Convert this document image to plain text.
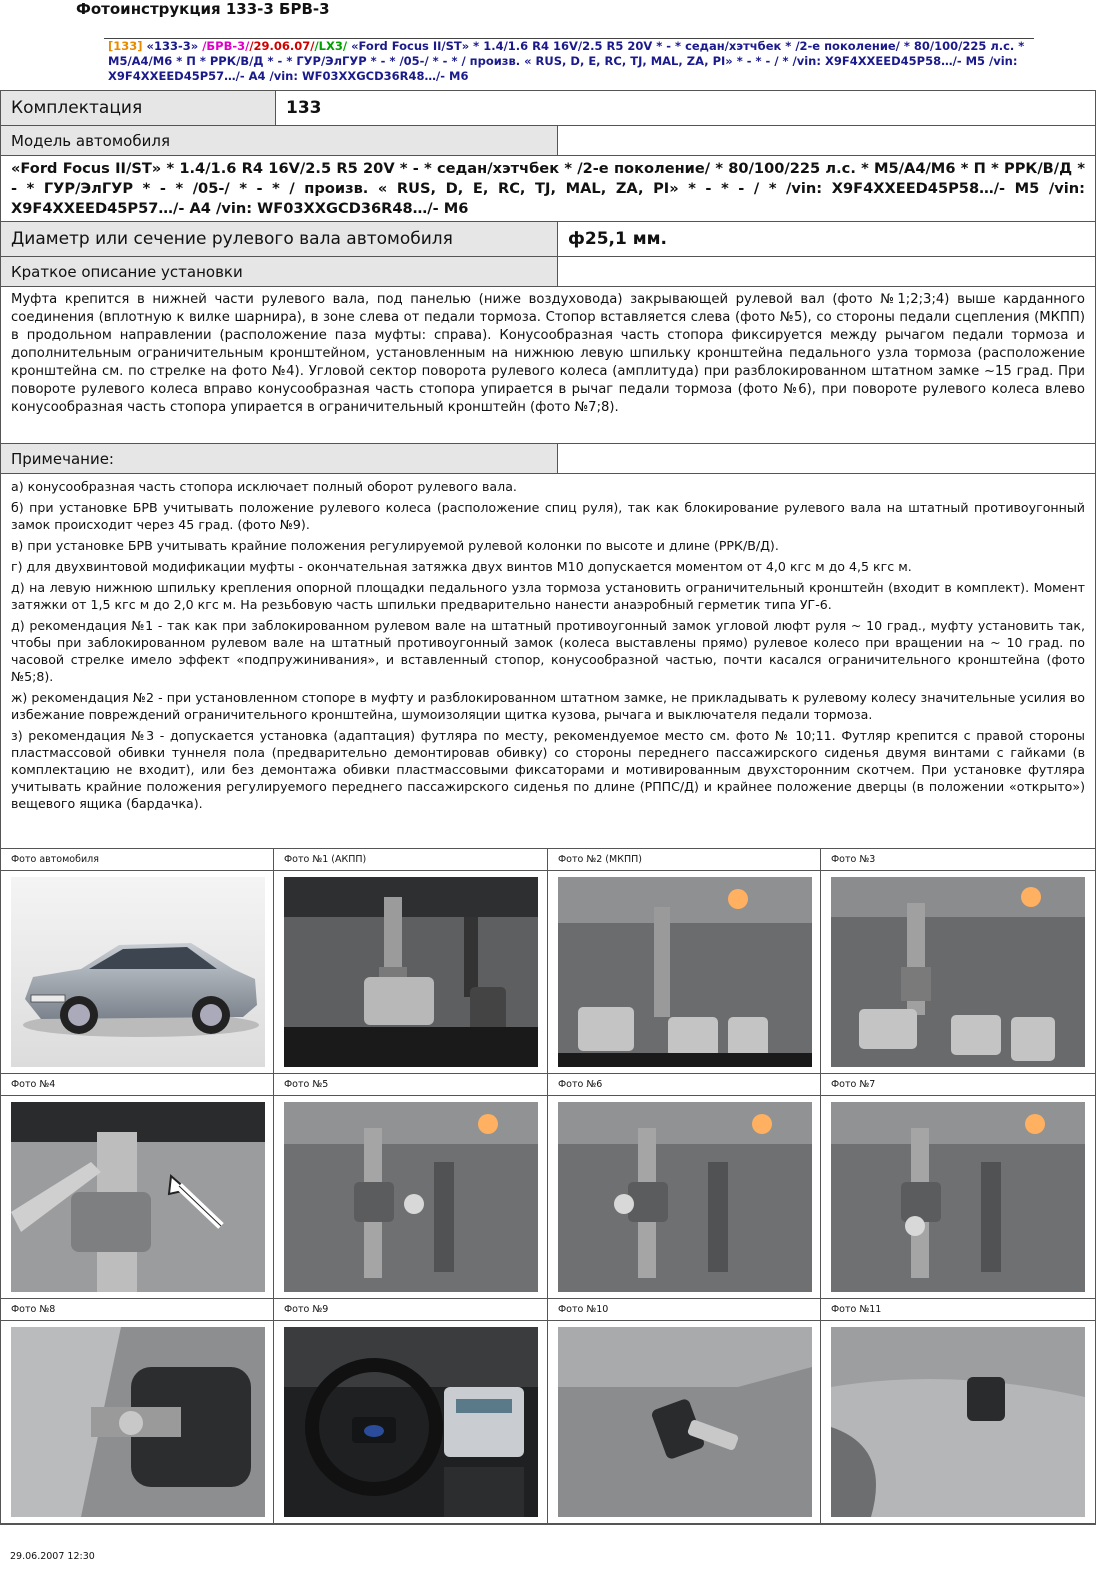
Фотоинструкция 133-3 БРВ-3
[133] «133-3» /БРВ-3//29.06.07//LX3/ «Ford Focus II/ST» * 1.4/1.6 R4 16V/2.5 R5 20V * - * седан/хэтчбек * /2-е поколение/ * 80/100/225 л.с. * М5/А4/М6 * П * РРК/В/Д * - * ГУР/ЭлГУР * - * /05-/ * - * / произв. « RUS, D, E, RC, TJ, MAL, ZA, PI» * - * - / * /vin: X9F4XXEED45P58…/- М5 /vin: X9F4XXEED45P57…/- А4 /vin: WF03XXGCD36R48…/- М6
Комплектация	133
Модель автомобиля
«Ford Focus II/ST» * 1.4/1.6 R4 16V/2.5 R5 20V * - * седан/хэтчбек * /2-е поколение/ * 80/100/225 л.с. * М5/А4/М6 * П * РРК/В/Д * - * ГУР/ЭлГУР * - * /05-/ * - * / произв. « RUS, D, E, RC, TJ, MAL, ZA, PI» * - * - / * /vin: X9F4XXEED45P58…/- М5 /vin: X9F4XXEED45P57…/- А4 /vin: WF03XXGCD36R48…/- М6
Диаметр или сечение рулевого вала автомобиля	ф25,1 мм.
Краткое описание установки
Муфта крепится в нижней части рулевого вала, под панелью (ниже воздуховода) закрывающей рулевой вал (фото №1;2;3;4) выше карданного соединения (вплотную к вилке шарнира), в зоне слева от педали тормоза. Стопор вставляется слева (фото №5), со стороны педали сцепления (МКПП) в продольном направлении (расположение паза муфты: справа). Конусообразная часть стопора фиксируется между рычагом педали тормоза и дополнительным ограничительным кронштейном, установленным на нижнюю левую шпильку кронштейна педального узла тормоза (расположение кронштейна см. по стрелке на фото №4). Угловой сектор поворота рулевого колеса (амплитуда) при разблокированном штатном замке ~15 град. При повороте рулевого колеса вправо конусообразная часть стопора упирается в рычаг педали тормоза (фото №6), при повороте рулевого колеса влево конусообразная часть стопора упирается в ограничительный кронштейн (фото №7;8).
Примечание:

а) конусообразная часть стопора исключает полный оборот рулевого вала.

б) при установке БРВ учитывать положение рулевого колеса (расположение спиц руля), так как блокирование рулевого вала на штатный противоугонный замок происходит через 45 град. (фото №9).

в) при установке БРВ учитывать крайние положения регулируемой рулевой колонки по высоте и длине (РРК/В/Д).

г) для двухвинтовой модификации муфты - окончательная затяжка двух винтов М10 допускается моментом от 4,0 кгс м до 4,5 кгс м.

д) на левую нижнюю шпильку крепления опорной площадки педального узла тормоза установить ограничительный кронштейн (входит в комплект). Момент затяжки от 1,5 кгс м до 2,0 кгс м. На резьбовую часть шпильки предварительно нанести анаэробный герметик типа УГ-6.

д) рекомендация №1 - так как при заблокированном рулевом вале на штатный противоугонный замок угловой люфт руля ~ 10 град., муфту установить так, чтобы при заблокированном рулевом вале на штатный противоугонный замок (колеса выставлены прямо) рулевое колесо при вращении на ~ 10 град. по часовой стрелке имело эффект «подпружинивания», и вставленный стопор, конусообразной частью, почти касался ограничительного кронштейна (фото №5;8).

ж) рекомендация №2 - при установленном стопоре в муфту и разблокированном штатном замке, не прикладывать к рулевому колесу значительные усилия во избежание повреждений ограничительного кронштейна, шумоизоляции щитка кузова, рычага и выключателя педали тормоза.

з) рекомендация №3 - допускается установка (адаптация) футляра по месту, рекомендуемое место см. фото № 10;11. Футляр крепится с правой стороны пластмассовой обивки туннеля пола (предварительно демонтировав обивку) со стороны переднего пассажирского сиденья двумя винтами с гайками (в комплектацию не входит), или без демонтажа обивки пластмассовыми фиксаторами и мотивированным двухсторонним скотчем. При установке футляра учитывать крайние положения регулируемого переднего пассажирского сиденья по длине (РППС/Д) и крайнее положение дверцы (в положении «открыто») вещевого ящика (бардачка).

Фото автомобиля	Фото №1 (АКПП)	Фото №2 (МКПП)	Фото №3
Фото №4	Фото №5	Фото №6	Фото №7
Фото №8	Фото №9	Фото №10	Фото №11
29.06.2007 12:30
